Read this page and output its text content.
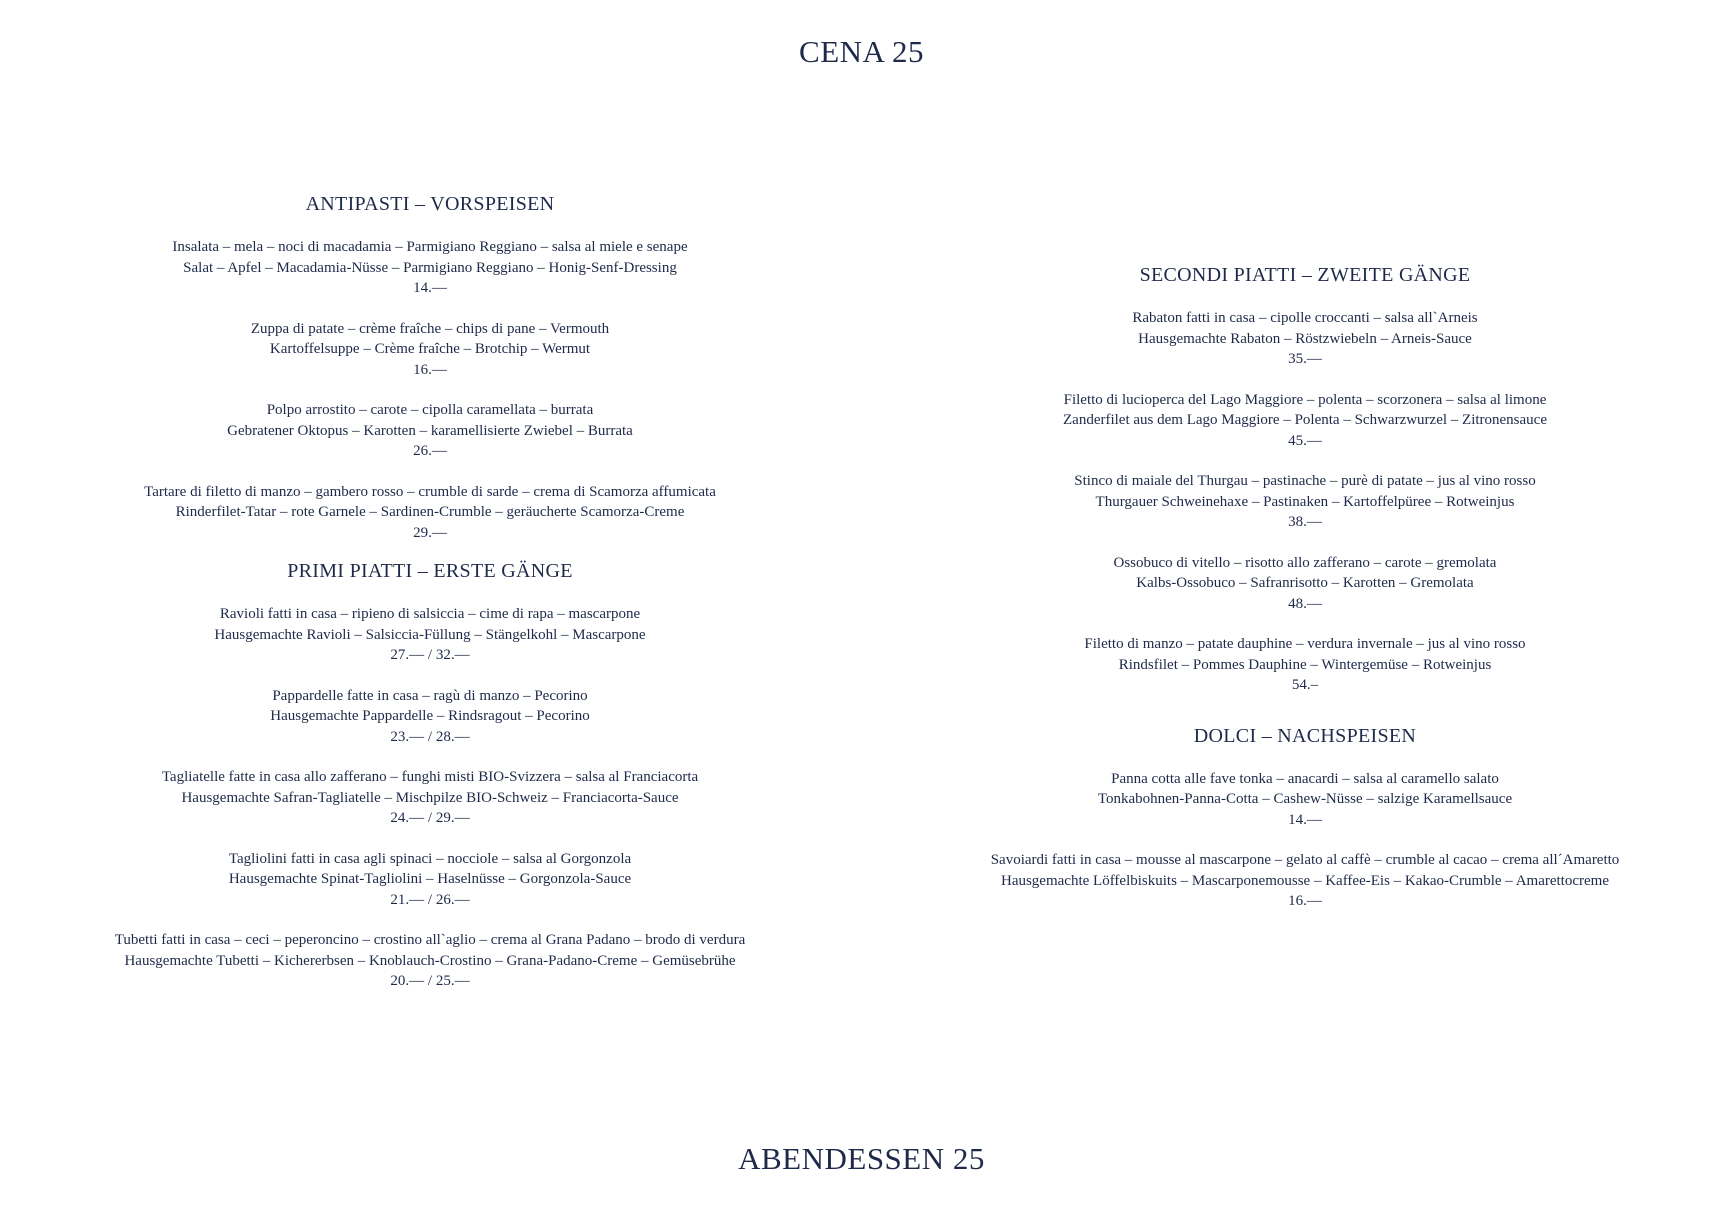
CENA 25
ANTIPASTI – VORSPEISEN
Insalata – mela – noci di macadamia – Parmigiano Reggiano – salsa al miele e senape
Salat – Apfel – Macadamia-Nüsse – Parmigiano Reggiano – Honig-Senf-Dressing
14.—
Zuppa di patate – crème fraîche – chips di pane – Vermouth
Kartoffelsuppe – Crème fraîche – Brotchip – Wermut
16.—
Polpo arrostito – carote – cipolla caramellata – burrata
Gebratener Oktopus – Karotten – karamellisierte Zwiebel – Burrata
26.—
Tartare di filetto di manzo – gambero rosso – crumble di sarde – crema di Scamorza affumicata
Rinderfilet-Tatar – rote Garnele – Sardinen-Crumble – geräucherte Scamorza-Creme
29.—
PRIMI PIATTI – ERSTE GÄNGE
Ravioli fatti in casa – ripieno di salsiccia – cime di rapa – mascarpone
Hausgemachte Ravioli – Salsiccia-Füllung – Stängelkohl – Mascarpone
27.— / 32.—
Pappardelle fatte in casa – ragù di manzo – Pecorino
Hausgemachte Pappardelle – Rindsragout – Pecorino
23.— / 28.—
Tagliatelle fatte in casa allo zafferano – funghi misti BIO-Svizzera – salsa al Franciacorta
Hausgemachte Safran-Tagliatelle – Mischpilze BIO-Schweiz – Franciacorta-Sauce
24.— / 29.—
Tagliolini fatti in casa agli spinaci – nocciole – salsa al Gorgonzola
Hausgemachte Spinat-Tagliolini – Haselnüsse – Gorgonzola-Sauce
21.— / 26.—
Tubetti fatti in casa – ceci – peperoncino – crostino all`aglio – crema al Grana Padano – brodo di verdura
Hausgemachte Tubetti – Kichererbsen – Knoblauch-Crostino – Grana-Padano-Creme – Gemüsebrühe
20.— / 25.—
SECONDI PIATTI – ZWEITE GÄNGE
Rabaton fatti in casa – cipolle croccanti – salsa all`Arneis
Hausgemachte Rabaton – Röstzwiebeln – Arneis-Sauce
35.—
Filetto di lucioperca del Lago Maggiore – polenta – scorzonera – salsa al limone
Zanderfilet aus dem Lago Maggiore – Polenta – Schwarzwurzel – Zitronensauce
45.—
Stinco di maiale del Thurgau – pastinache – purè di patate – jus al vino rosso
Thurgauer Schweinehaxe – Pastinaken – Kartoffelpüree – Rotweinjus
38.—
Ossobuco di vitello – risotto allo zafferano – carote – gremolata
Kalbs-Ossobuco – Safranrisotto – Karotten – Gremolata
48.—
Filetto di manzo – patate dauphine – verdura invernale – jus al vino rosso
Rindsfilet – Pommes Dauphine – Wintergemüse – Rotweinjus
54.–
DOLCI – NACHSPEISEN
Panna cotta alle fave tonka – anacardi – salsa al caramello salato
Tonkabohnen-Panna-Cotta – Cashew-Nüsse – salzige Karamellsauce
14.—
Savoiardi fatti in casa – mousse al mascarpone – gelato al caffè – crumble al cacao – crema all´Amaretto
Hausgemachte Löffelbiskuits – Mascarponemousse – Kaffee-Eis – Kakao-Crumble – Amarettocreme
16.—
ABENDESSEN 25
